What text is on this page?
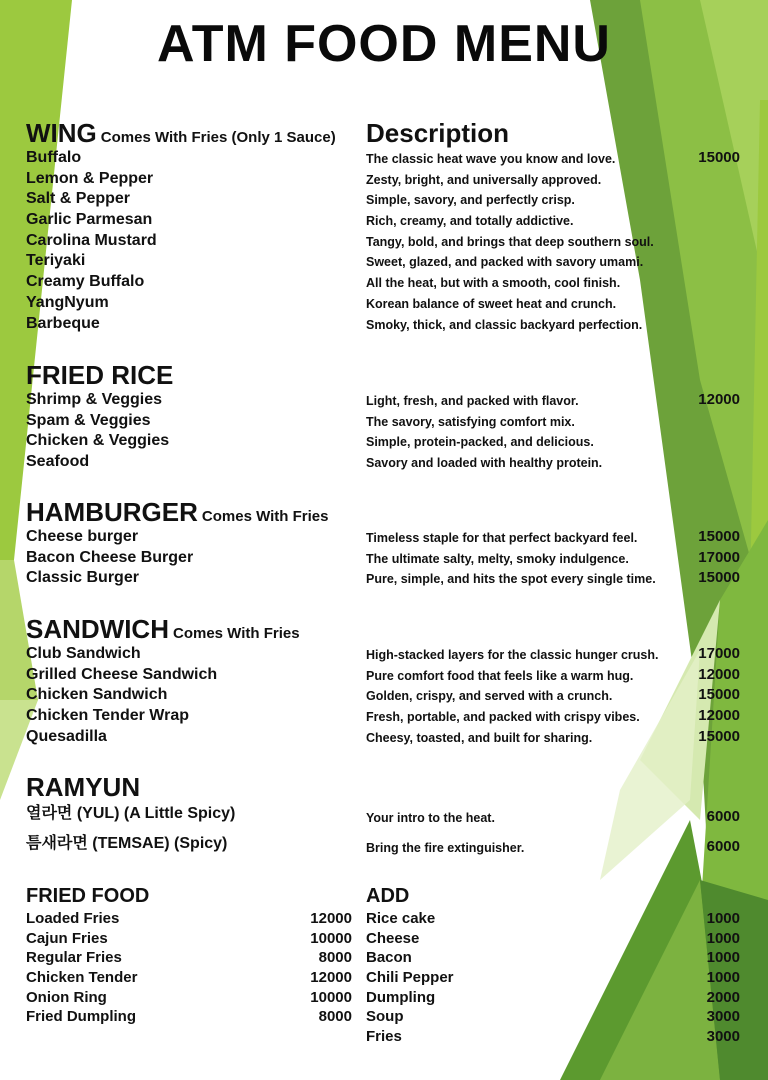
ATM FOOD MENU
WING Comes With Fries (Only 1 Sauce)	Description
Buffalo	The classic heat wave you know and love.	15000
Lemon & Pepper	Zesty, bright, and universally approved.
Salt & Pepper	Simple, savory, and perfectly crisp.
Garlic Parmesan	Rich, creamy, and totally addictive.
Carolina Mustard	Tangy, bold, and brings that deep southern soul.
Teriyaki	Sweet, glazed, and packed with savory umami.
Creamy Buffalo	All the heat, but with a smooth, cool finish.
YangNyum	Korean balance of sweet heat and crunch.
Barbeque	Smoky, thick, and classic backyard perfection.
FRIED RICE
Shrimp & Veggies	Light, fresh, and packed with flavor.	12000
Spam & Veggies	The savory, satisfying comfort mix.
Chicken & Veggies	Simple, protein-packed, and delicious.
Seafood	Savory and loaded with healthy protein.
HAMBURGER Comes With Fries
Cheese burger	Timeless staple for that perfect backyard feel.	15000
Bacon Cheese Burger	The ultimate salty, melty, smoky indulgence.	17000
Classic Burger	Pure, simple, and hits the spot every single time.	15000
SANDWICH Comes With Fries
Club Sandwich	High-stacked layers for the classic hunger crush.	17000
Grilled Cheese Sandwich	Pure comfort food that feels like a warm hug.	12000
Chicken Sandwich	Golden, crispy, and served with a crunch.	15000
Chicken Tender Wrap	Fresh, portable, and packed with crispy vibes.	12000
Quesadilla	Cheesy, toasted, and built for sharing.	15000
RAMYUN
열라면 (YUL) (A Little Spicy)	Your intro to the heat.	6000
틈새라면 (TEMSAE) (Spicy)	Bring the fire extinguisher.	6000
FRIED FOOD
Loaded Fries	12000
Cajun Fries	10000
Regular Fries	8000
Chicken Tender	12000
Onion Ring	10000
Fried Dumpling	8000
ADD
Rice cake	1000
Cheese	1000
Bacon	1000
Chili Pepper	1000
Dumpling	2000
Soup	3000
Fries	3000
